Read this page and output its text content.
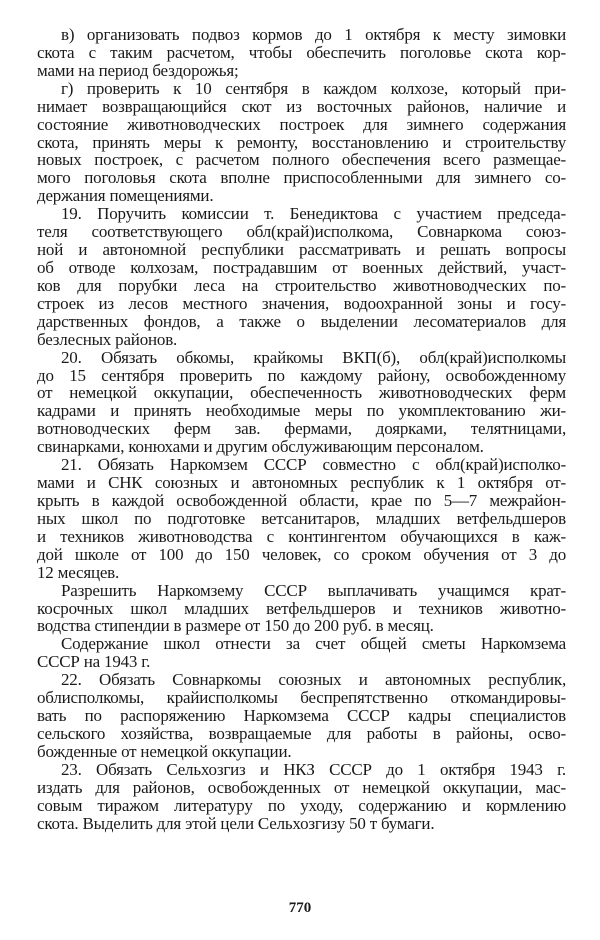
в) организовать подвоз кормов до 1 октября к месту зимовки
скота с таким расчетом, чтобы обеспечить поголовье скота кор-
мами на период бездорожья;
г) проверить к 10 сентября в каждом колхозе, который при-
нимает возвращающийся скот из восточных районов, наличие и
состояние животноводческих построек для зимнего содержания
скота, принять меры к ремонту, восстановлению и строительству
новых построек, с расчетом полного обеспечения всего размещае-
мого поголовья скота вполне приспособленными для зимнего со-
держания помещениями.
19. Поручить комиссии т. Бенедиктова с участием председа-
теля соответствующего обл(край)исполкома, Совнаркома союз-
ной и автономной республики рассматривать и решать вопросы
об отводе колхозам, пострадавшим от военных действий, участ-
ков для порубки леса на строительство животноводческих по-
строек из лесов местного значения, водоохранной зоны и госу-
дарственных фондов, а также о выделении лесоматериалов для
безлесных районов.
20. Обязать обкомы, крайкомы ВКП(б), обл(край)исполкомы
до 15 сентября проверить по каждому району, освобожденному
от немецкой оккупации, обеспеченность животноводческих ферм
кадрами и принять необходимые меры по укомплектованию жи-
вотноводческих ферм зав. фермами, доярками, телятницами,
свинарками, конюхами и другим обслуживающим персоналом.
21. Обязать Наркомзем СССР совместно с обл(край)исполко-
мами и СНК союзных и автономных республик к 1 октября от-
крыть в каждой освобожденной области, крае по 5—7 межрайон-
ных школ по подготовке ветсанитаров, младших ветфельдшеров
и техников животноводства с контингентом обучающихся в каж-
дой школе от 100 до 150 человек, со сроком обучения от 3 до
12 месяцев.
Разрешить Наркомзему СССР выплачивать учащимся крат-
косрочных школ младших ветфельдшеров и техников животно-
водства стипендии в размере от 150 до 200 руб. в месяц.
Содержание школ отнести за счет общей сметы Наркомзема
СССР на 1943 г.
22. Обязать Совнаркомы союзных и автономных республик,
облисполкомы, крайисполкомы беспрепятственно откомандировы-
вать по распоряжению Наркомзема СССР кадры специалистов
сельского хозяйства, возвращаемые для работы в районы, осво-
божденные от немецкой оккупации.
23. Обязать Сельхозгиз и НКЗ СССР до 1 октября 1943 г.
издать для районов, освобожденных от немецкой оккупации, мас-
совым тиражом литературу по уходу, содержанию и кормлению
скота. Выделить для этой цели Сельхозгизу 50 т бумаги.
770
